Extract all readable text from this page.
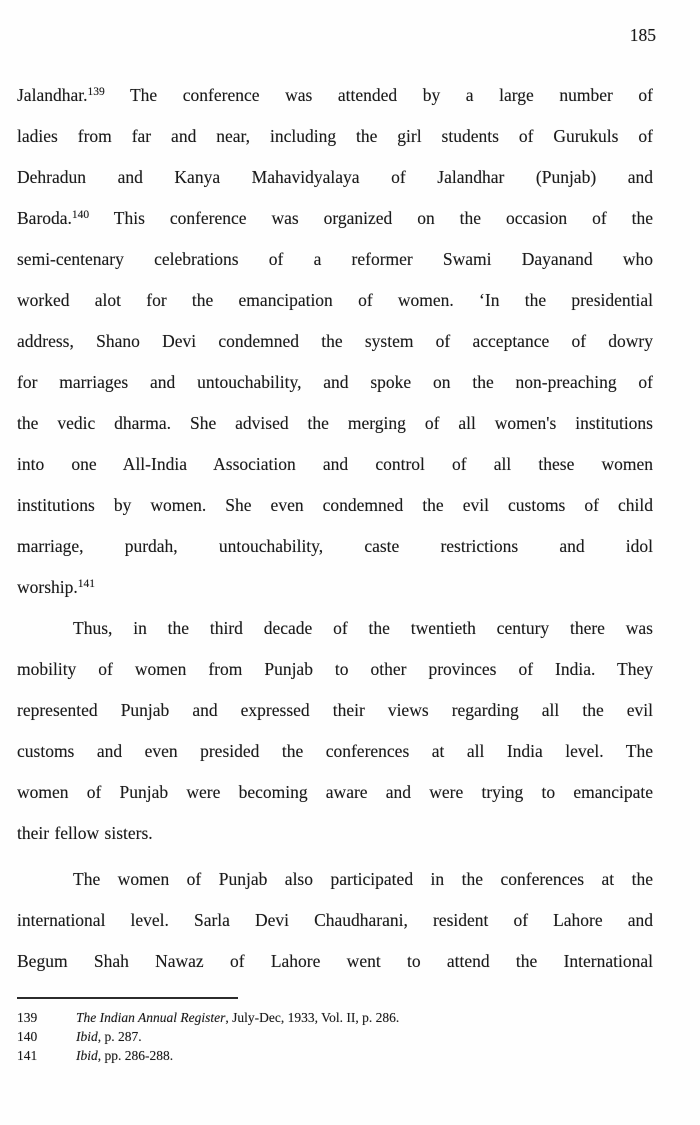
185
Jalandhar.$^{139}$ The conference was attended by a large number of
ladies from far and near, including the girl students of Gurukuls of
Dehradun and Kanya Mahavidyalaya of Jalandhar (Punjab) and
Baroda.$^{140}$ This conference was organized on the occasion of the
semi-centenary celebrations of a reformer Swami Dayanand who
worked alot for the emancipation of women. ‘In the presidential
address, Shano Devi condemned the system of acceptance of dowry
for marriages and untouchability, and spoke on the non-preaching of
the vedic dharma. She advised the merging of all women's institutions
into one All-India Association and control of all these women
institutions by women. She even condemned the evil customs of child
marriage, purdah, untouchability, caste restrictions and idol
worship.$^{141}$
Thus, in the third decade of the twentieth century there was
mobility of women from Punjab to other provinces of India. They
represented Punjab and expressed their views regarding all the evil
customs and even presided the conferences at all India level. The
women of Punjab were becoming aware and were trying to emancipate
their fellow sisters.
The women of Punjab also participated in the conferences at the
international level. Sarla Devi Chaudharani, resident of Lahore and
Begum Shah Nawaz of Lahore went to attend the International
139	The Indian Annual Register, July-Dec, 1933, Vol. II, p. 286.
140	Ibid, p. 287.
141	Ibid, pp. 286-288.
